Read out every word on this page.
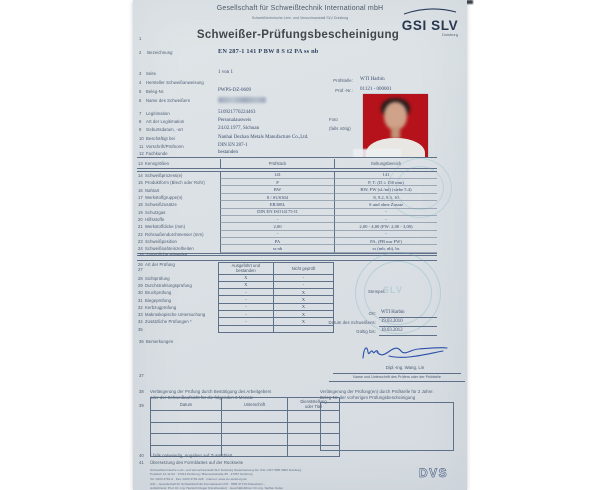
Gesellschaft für Schweißtechnik International mbH
Schweißtechnische Lehr- und Versuchsanstalt SLV Duisburg
GSI SLV
Duisburg
1	Schweißer-Prüfungsbescheinigung
2 Bezeichnung	EN 287-1 141 P BW 8 S t2 PA ss nb
3 Seite	1 von 1
4 Hersteller Schweißanweisung
5 Beleg-Nr.	PWPS-DZ-0609
6 Name des Schweißers
7 Legitimation	510921770224463
8 Art der Legitimation	Personalausweis
9 Geburtsdatum, -ort	24.02.1977, Sichuan
10 Beschäftigt bei	Nanhai Dezhan Metals Manufacture Co.,Ltd.
11 Vorschrift/Prüfnorm	DIN EN 287-1
12 Fachkunde	bestanden
Prüfstelle: WTI Harbin
Prüf.-Nr.: 01121 - 000001
Foto
(falls nötig)
13 Kenngrößen	Prüfstück	Geltungsbereich
14 Schweißprozess(e)	141	141
15 Produktform (Blech oder Rohr)	P	P, T: (D ≥ 150 mm)
16 Nahtart	BW	BW, FW (sl./ml) (siehe 5.4)
17 Werkstoffgruppe(n)	8 / SUS304	8, 9.2, 9.3, 10
18 Schweißzusätze	ER308L	S und ohne Zusatz
19 Schutzgas	DIN EN ISO14175-I1	-
20 Hilfsstoffe	-	-
21 Werkstoffdicke (mm)	2,00	2,00 - 4,00 (FW: 2,00 - 3,00)
22 Rohraußendurchmesser (mm)	-	-
23 Schweißposition	PA	PA, (PB nur FW)
24 Schweißnahteinzelheiten	ss nb	ss (mb, nb), bs
25 Zusätzliche Hinweise:
26 Art der Prüfung
27
Ausgeführt und
bestanden	Nicht geprüft
28 Sichtprüfung	X	-
29 Durchstrahlungsprüfung	X	-
30 Bruchprüfung	-	X
31 Biegeprüfung	-	X
32 Kerbzugprüfung	-	X
33 Makroskopische Untersuchung	-	X
34 Zusätzliche Prüfungen *	-	X
35
36 Bemerkungen
SLV
Stempel:
Ort: WTI Harbin
Datum des Schweißens: 19.03.2010
Gültig bis: 18.03.2012
Dipl.-Ing. Wang, Lin
Name und Unterschrift des Prüfers oder der Prüfstelle
37
38 Verlängerung der Prüfung durch Bestätigung des Arbeitgebers
oder der Schweißaufsicht für die folgenden 6 Monate
Verlängerung der Prüfung(en) durch Prüfstelle für 2 Jahre:
Beleg-Nr. der vorherigen Prüfungsbescheinigung
39	Datum	Unterschrift	Dienststellung
oder Titel
40 * falls notwendig, Angaben auf Zusatzblatt
41 Übersetzung des Formblattes auf der Rückseite
Schweißtechnische Lehr- und Versuchsanstalt SLV Duisburg Niederlassung der GSI mbH HRB 9800 Duisburg
Postfach 10 12 62 · 47012 Duisburg / Bismarckstraße 85 · 47057 Duisburg
Tel: 0203 3781-0 · Fax: 0203 3781-228 · Internet: www.slv-duisburg.de
GSI – Gesellschaft für Schweißtechnik International mbH · HRB 37719 Düsseldorf –
Aufsichtsrat: Prof. Dr.-Ing. Heinrich Flegel (Vorsitzender) · Geschäftsführer: Dr.-Ing. Steffen Keitel
DVS
